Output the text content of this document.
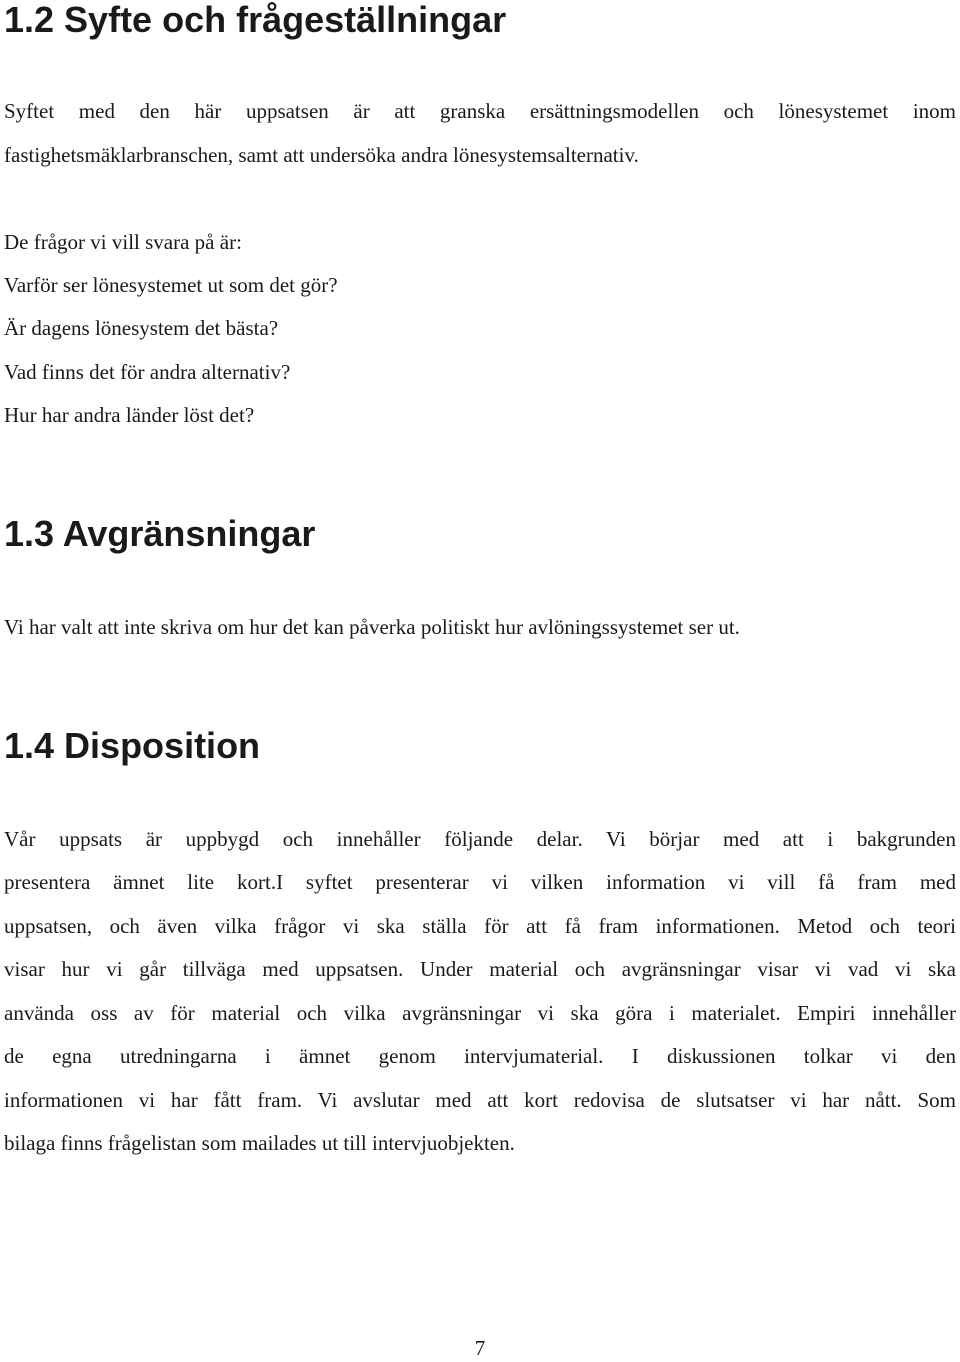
1.2 Syfte och frågeställningar

Syftet med den här uppsatsen är att granska ersättningsmodellen och lönesystemet inom

fastighetsmäklarbranschen, samt att undersöka andra lönesystemsalternativ.

De frågor vi vill svara på är:

Varför ser lönesystemet ut som det gör?

Är dagens lönesystem det bästa?

Vad finns det för andra alternativ?

Hur har andra länder löst det?

1.3 Avgränsningar

Vi har valt att inte skriva om hur det kan påverka politiskt hur avlöningssystemet ser ut.

1.4 Disposition

Vår uppsats är uppbygd och innehåller följande delar. Vi börjar med att i bakgrunden

presentera ämnet lite kort.I syftet presenterar vi vilken information vi vill få fram med

uppsatsen, och även vilka frågor vi ska ställa för att få fram informationen. Metod och teori

visar hur vi går tillväga med uppsatsen. Under material och avgränsningar visar vi vad vi ska

använda oss av för material och vilka avgränsningar vi ska göra i materialet. Empiri innehåller

de egna utredningarna i ämnet genom intervjumaterial. I diskussionen tolkar vi den

informationen vi har fått fram. Vi avslutar med att kort redovisa de slutsatser vi har nått. Som

bilaga finns frågelistan som mailades ut till intervjuobjekten.

7
